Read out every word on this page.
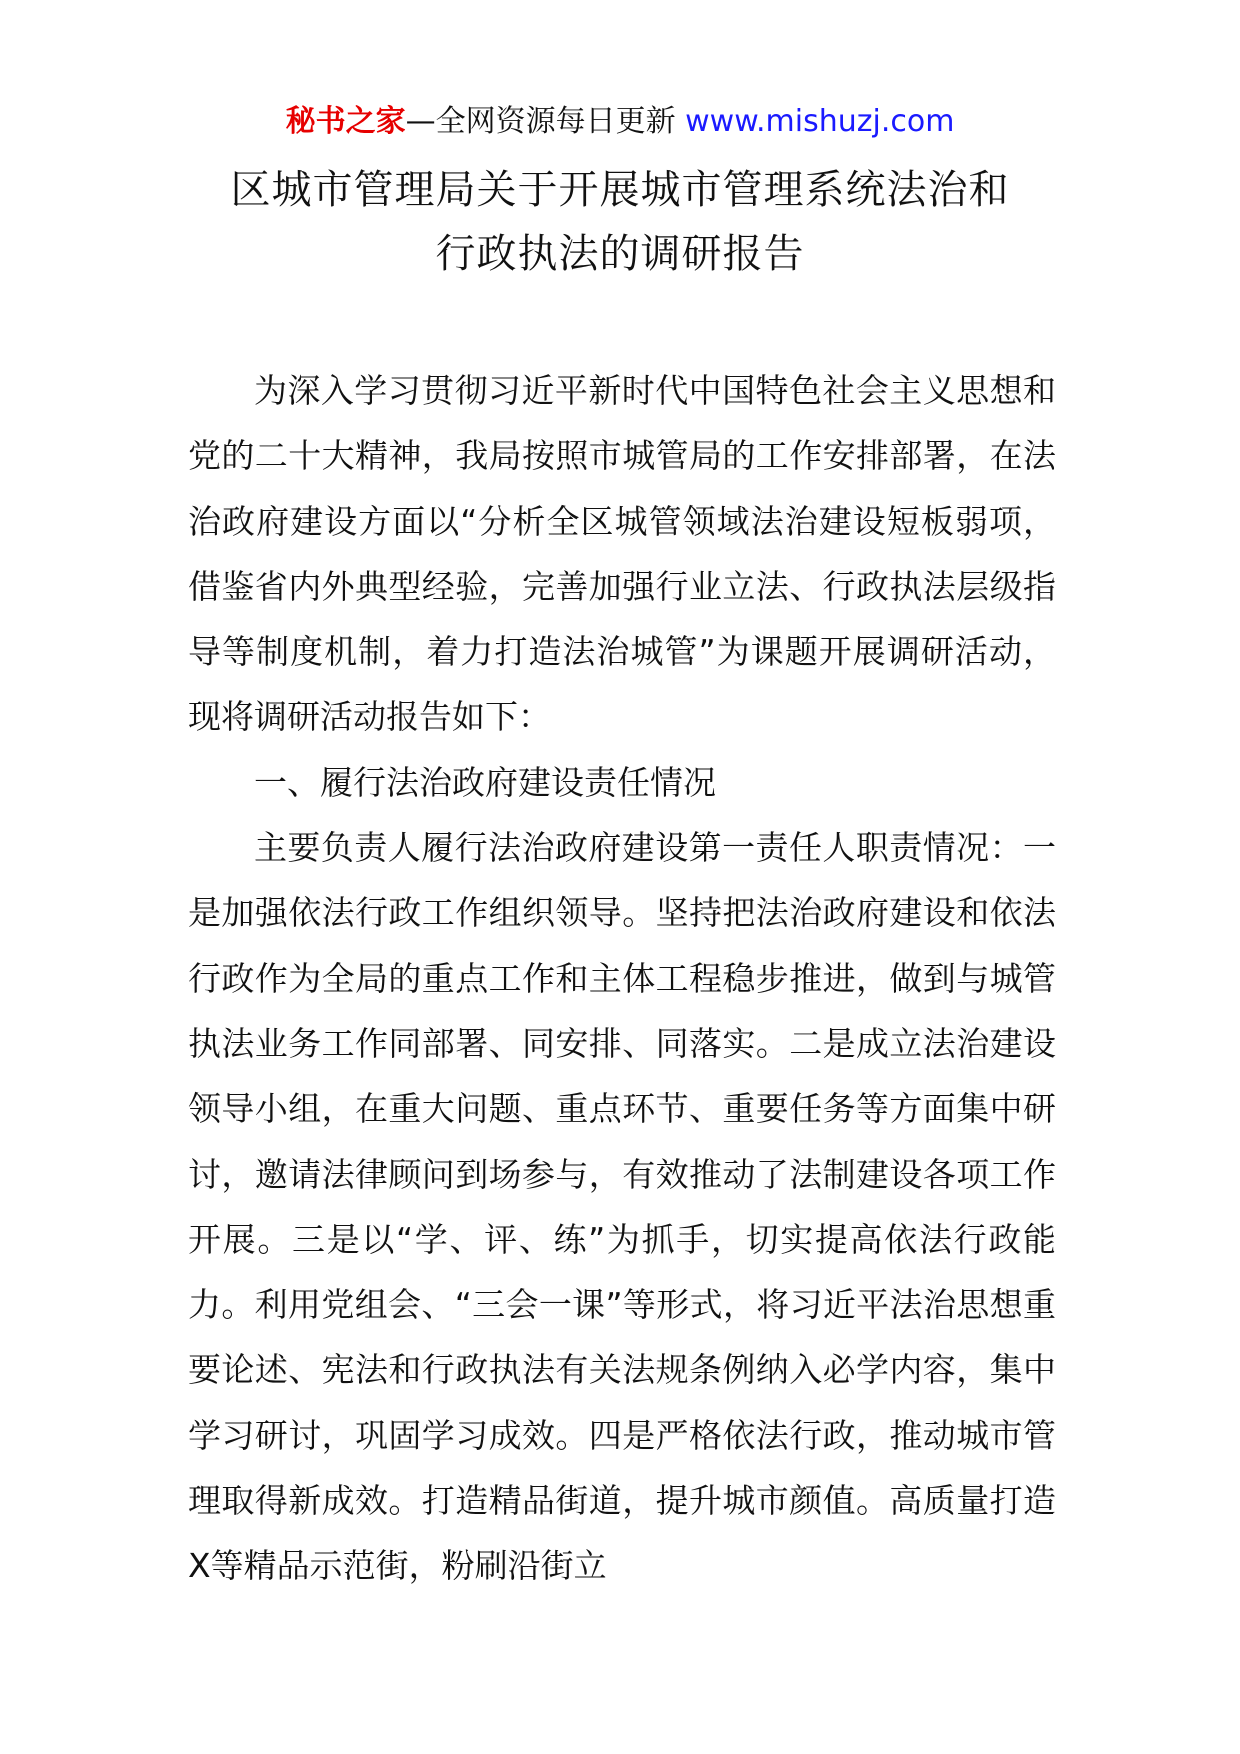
秘书之家—全网资源每日更新 www.mishuzj.com
区城市管理局关于开展城市管理系统法治和
行政执法的调研报告

为深入学习贯彻习近平新时代中国特色社会主义思想和党的二十大精神，我局按照市城管局的工作安排部署，在法治政府建设方面以“分析全区城管领域法治建设短板弱项，借鉴省内外典型经验，完善加强行业立法、行政执法层级指导等制度机制，着力打造法治城管”为课题开展调研活动，现将调研活动报告如下：

一、履行法治政府建设责任情况

主要负责人履行法治政府建设第一责任人职责情况：一是加强依法行政工作组织领导。坚持把法治政府建设和依法行政作为全局的重点工作和主体工程稳步推进，做到与城管执法业务工作同部署、同安排、同落实。二是成立法治建设领导小组，在重大问题、重点环节、重要任务等方面集中研讨，邀请法律顾问到场参与，有效推动了法制建设各项工作开展。三是以“学、评、练”为抓手，切实提高依法行政能力。利用党组会、“三会一课”等形式，将习近平法治思想重要论述、宪法和行政执法有关法规条例纳入必学内容，集中学习研讨，巩固学习成效。四是严格依法行政，推动城市管理取得新成效。打造精品街道，提升城市颜值。高质量打造X等精品示范街，粉刷沿街立
